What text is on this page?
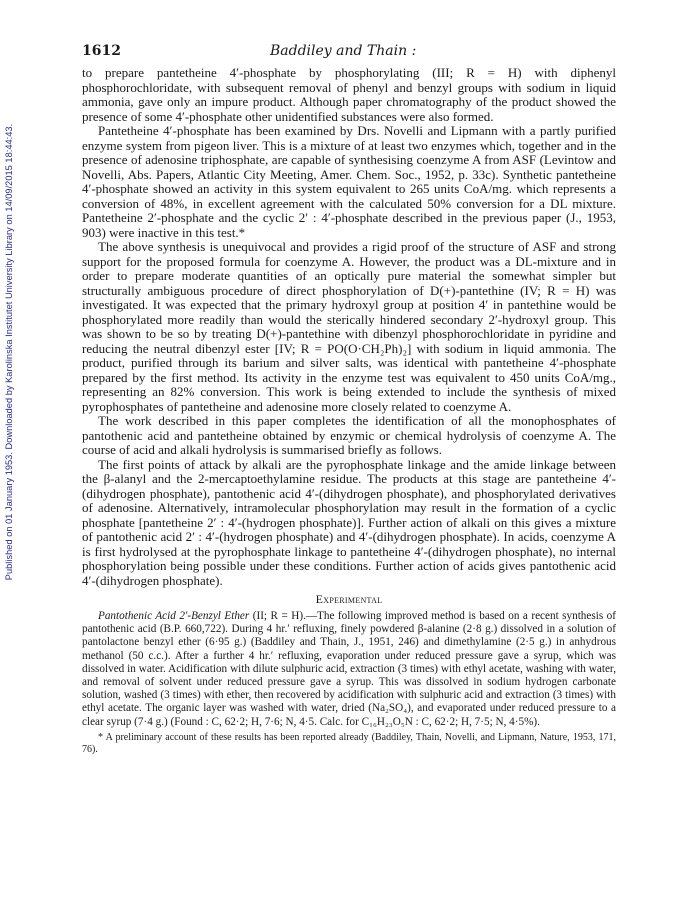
Published on 01 January 1953. Downloaded by Karolinska Institutet University Library on 14/09/2015 18:44:43.
1612	Baddiley and Thain :

to prepare pantetheine 4′-phosphate by phosphorylating (III; R = H) with diphenyl phosphorochloridate, with subsequent removal of phenyl and benzyl groups with sodium in liquid ammonia, gave only an impure product. Although paper chromatography of the product showed the presence of some 4′-phosphate other unidentified substances were also formed.

Pantetheine 4′-phosphate has been examined by Drs. Novelli and Lipmann with a partly purified enzyme system from pigeon liver. This is a mixture of at least two enzymes which, together and in the presence of adenosine triphosphate, are capable of synthesising coenzyme A from ASF (Levintow and Novelli, Abs. Papers, Atlantic City Meeting, Amer. Chem. Soc., 1952, p. 33c). Synthetic pantetheine 4′-phosphate showed an activity in this system equivalent to 265 units CoA/mg. which represents a conversion of 48%, in excellent agreement with the calculated 50% conversion for a DL mixture. Pantetheine 2′-phosphate and the cyclic 2′ : 4′-phosphate described in the previous paper (J., 1953, 903) were inactive in this test.*

The above synthesis is unequivocal and provides a rigid proof of the structure of ASF and strong support for the proposed formula for coenzyme A. However, the product was a DL-mixture and in order to prepare moderate quantities of an optically pure material the somewhat simpler but structurally ambiguous procedure of direct phosphorylation of D(+)-pantethine (IV; R = H) was investigated. It was expected that the primary hydroxyl group at position 4′ in pantethine would be phosphorylated more readily than would the sterically hindered secondary 2′-hydroxyl group. This was shown to be so by treating D(+)-pantethine with dibenzyl phosphorochloridate in pyridine and reducing the neutral dibenzyl ester [IV; R = PO(O·CH₂Ph)₂] with sodium in liquid ammonia. The product, purified through its barium and silver salts, was identical with pantetheine 4′-phosphate prepared by the first method. Its activity in the enzyme test was equivalent to 450 units CoA/mg., representing an 82% conversion. This work is being extended to include the synthesis of mixed pyrophosphates of pantetheine and adenosine more closely related to coenzyme A.

The work described in this paper completes the identification of all the monophosphates of pantothenic acid and pantetheine obtained by enzymic or chemical hydrolysis of coenzyme A. The course of acid and alkali hydrolysis is summarised briefly as follows.

The first points of attack by alkali are the pyrophosphate linkage and the amide linkage between the β-alanyl and the 2-mercaptoethylamine residue. The products at this stage are pantetheine 4′-(dihydrogen phosphate), pantothenic acid 4′-(dihydrogen phosphate), and phosphorylated derivatives of adenosine. Alternatively, intramolecular phosphorylation may result in the formation of a cyclic phosphate [pantetheine 2′ : 4′-(hydrogen phosphate)]. Further action of alkali on this gives a mixture of pantothenic acid 2′ : 4′-(hydrogen phosphate) and 4′-(dihydrogen phosphate). In acids, coenzyme A is first hydrolysed at the pyrophosphate linkage to pantetheine 4′-(dihydrogen phosphate), no internal phosphorylation being possible under these conditions. Further action of acids gives pantothenic acid 4′-(dihydrogen phosphate).

Experimental

Pantothenic Acid 2′-Benzyl Ether (II; R = H).—The following improved method is based on a recent synthesis of pantothenic acid (B.P. 660,722). During 4 hr.′ refluxing, finely powdered β-alanine (2·8 g.) dissolved in a solution of pantolactone benzyl ether (6·95 g.) (Baddiley and Thain, J., 1951, 246) and dimethylamine (2·5 g.) in anhydrous methanol (50 c.c.). After a further 4 hr.′ refluxing, evaporation under reduced pressure gave a syrup, which was dissolved in water. Acidification with dilute sulphuric acid, extraction (3 times) with ethyl acetate, washing with water, and removal of solvent under reduced pressure gave a syrup. This was dissolved in sodium hydrogen carbonate solution, washed (3 times) with ether, then recovered by acidification with sulphuric acid and extraction (3 times) with ethyl acetate. The organic layer was washed with water, dried (Na₂SO₄), and evaporated under reduced pressure to a clear syrup (7·4 g.) (Found : C, 62·2; H, 7·6; N, 4·5. Calc. for C₁₆H₂₃O₅N : C, 62·2; H, 7·5; N, 4·5%).

* A preliminary account of these results has been reported already (Baddiley, Thain, Novelli, and Lipmann, Nature, 1953, 171, 76).
